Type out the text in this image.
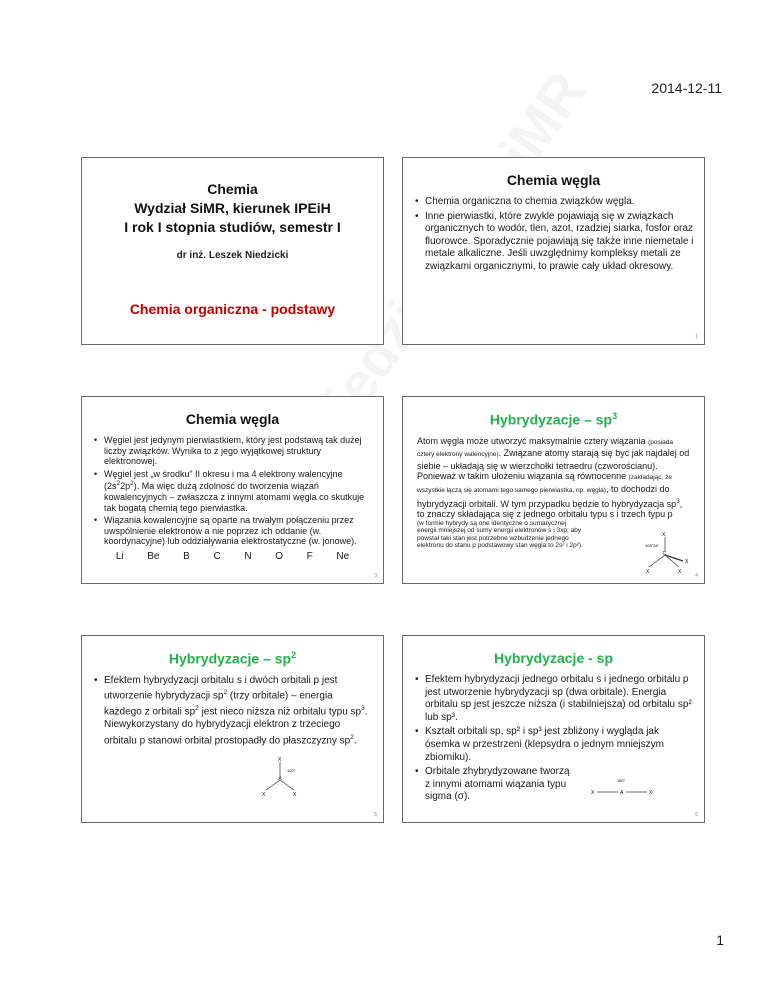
2014-12-11
Chemia
Wydział SiMR, kierunek IPEiH
I rok I stopnia studiów, semestr I
dr inż. Leszek Niedzicki
Chemia organiczna - podstawy
Chemia węgla
• Chemia organiczna to chemia związków węgla.
• Inne pierwiastki, które zwykle pojawiają się w związkach organicznych to wodór, tlen, azot, rzadziej siarka, fosfor oraz fluorowce. Sporadycznie pojawiają się także inne niemetale i metale alkaliczne. Jeśli uwzględnimy kompleksy metali ze związkami organicznymi, to prawie cały układ okresowy.
1
Chemia węgla
• Węgiel jest jedynym pierwiastkiem, który jest podstawą tak dużej liczby związków. Wynika to z jego wyjątkowej struktury elektronowej.
• Węgiel jest „w środku” II okresu i ma 4 elektrony walencyjne $(2s^22p^2)$. Ma więc dużą zdolność do tworzenia wiązań kowalencyjnych – zwłaszcza z innymi atomami węgla co skutkuje tak bogatą chemią tego pierwiastka.
• Wiązania kowalencyjne są oparte na trwałym połączeniu przez uwspólnienie elektronów a nie poprzez ich oddanie (w. koordynacyjne) lub oddziaływania elektrostatyczne (w. jonowe).
Li Be B C N O F Ne
3
Hybrydyzacje – $sp^3$
Atom węgla może utworzyć maksymalnie cztery wiązania (posiada cztery elektrony walencyjne). Związane atomy starają się być jak najdalej od siebie – układają się w wierzchołki tetraedru (czworościanu). Ponieważ w takim ułożeniu wiązania są równocenne (zakładając, że wszystkie łączą się atomami tego samego pierwiastka, np. węgla), to dochodzi do hybrydyzacji orbitali. W tym przypadku będzie to hybrydyzacja $sp^3$, to znaczy składająca się z jednego orbitalu typu s i trzech typu p (w formie hybrydy są one identyczne o sumarycznej energii mniejszej od sumy energii elektronów s i 3xp; aby powstał taki stan jest potrzebne wzbudzenie jednego elektronu do stanu p podstawowy stan węgla to 2s² i 2p²).
X
C
X	X
X
109°28'
4
Hybrydyzacje – $sp^2$
• Efektem hybrydyzacji orbitalu s i dwóch orbitali p jest utworzenie hybrydyzacji $sp^2$ (trzy orbitale) – energia każdego z orbitali $sp^2$ jest nieco niższa niż orbitalu typu $sp^3$. Niewykorzystany do hybrydyzacji elektron z trzeciego orbitalu p stanowi orbital prostopadły do płaszczyzny $sp^2$.
X
A
X	X
120°
5
Hybrydyzacje - sp
• Efektem hybrydyzacji jednego orbitalu s i jednego orbitalu p jest utworzenie hybrydyzacji sp (dwa orbitale). Energia orbitalu sp jest jeszcze niższa (i stabilniejsza) od orbitalu sp² lub sp³.
• Kształt orbitali sp, sp² i sp³ jest zbliżony i wygląda jak ósemka w przestrzeni (klepsydra o jednym mniejszym zbiorniku).
• Orbitale zhybrydyzowane tworzą z innymi atomami wiązania typu sigma (σ).	X	A	X
180°
6
1
